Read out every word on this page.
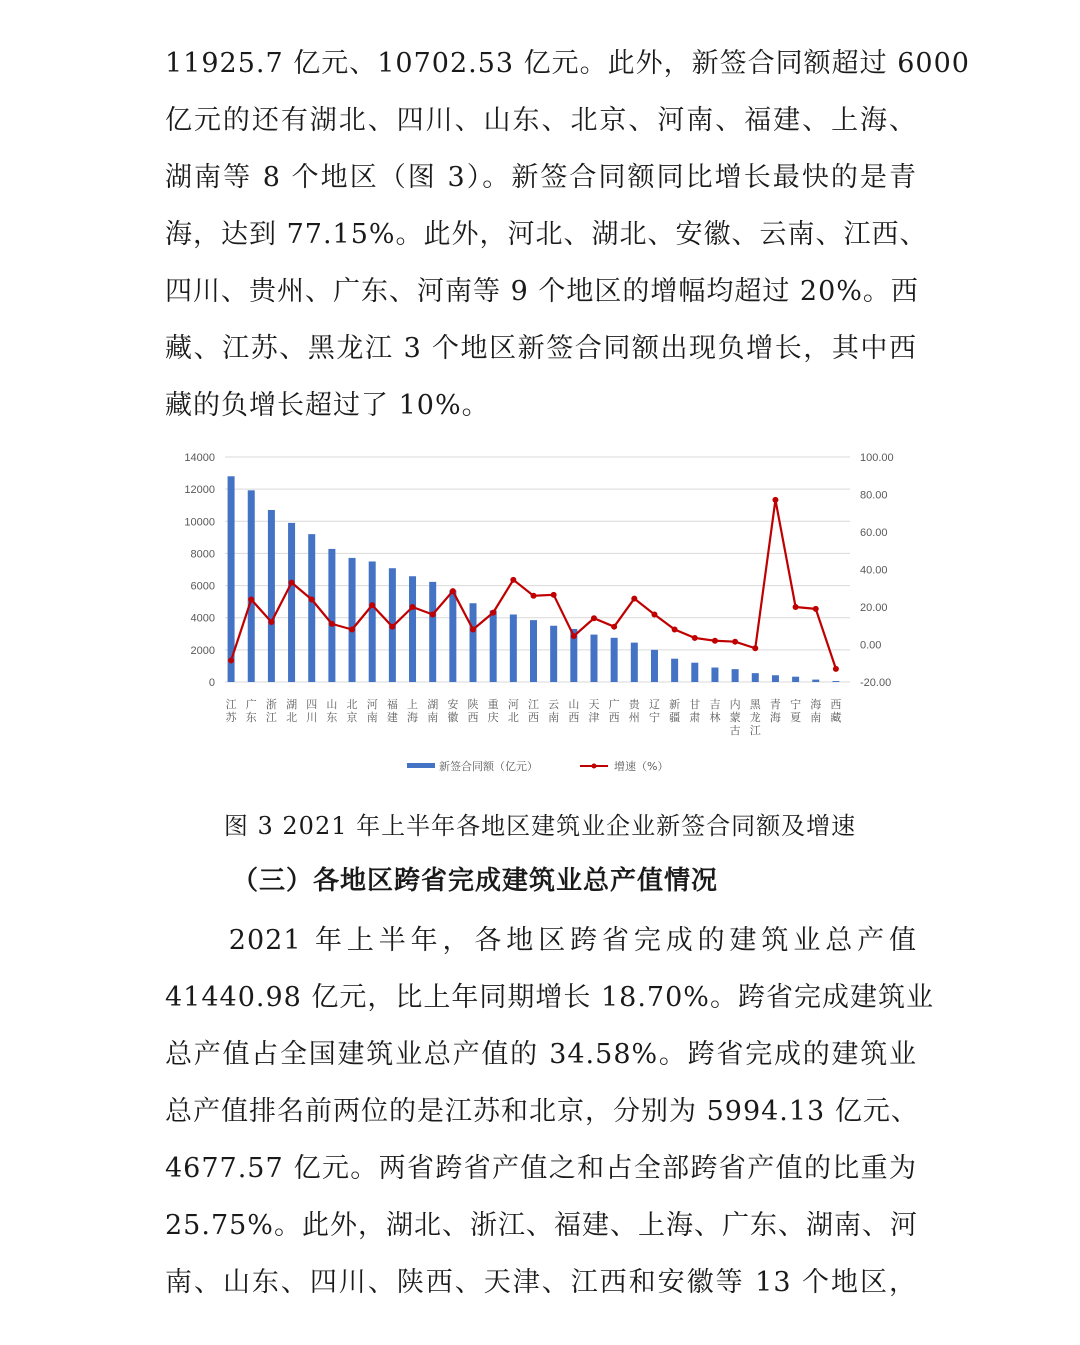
11925.7 亿元、10702.53 亿元。此外，新签合同额超过 6000
亿元的还有湖北、四川、山东、北京、河南、福建、上海、
湖南等 8 个地区（图 3）。新签合同额同比增长最快的是青
海，达到 77.15%。此外，河北、湖北、安徽、云南、江西、
四川、贵州、广东、河南等 9 个地区的增幅均超过 20%。西
藏、江苏、黑龙江 3 个地区新签合同额出现负增长，其中西
藏的负增长超过了 10%。
0
2000
4000
6000
8000
10000
12000
14000
-20.00
0.00
20.00
40.00
60.00
80.00
100.00
江
苏
广
东
浙
江
湖
北
四
川
山
东
北
京
河
南
福
建
上
海
湖
南
安
徽
陕
西
重
庆
河
北
江
西
云
南
山
西
天
津
广
西
贵
州
辽
宁
新
疆
甘
肃
吉
林
内
蒙
古
黑
龙
江
青
海
宁
夏
海
南
西
藏
新签合同额（亿元）	增速（%）
图 3 2021 年上半年各地区建筑业企业新签合同额及增速
（三）各地区跨省完成建筑业总产值情况
　　2021 年上半年，各地区跨省完成的建筑业总产值
41440.98 亿元，比上年同期增长 18.70%。跨省完成建筑业
总产值占全国建筑业总产值的 34.58%。跨省完成的建筑业
总产值排名前两位的是江苏和北京，分别为 5994.13 亿元、
4677.57 亿元。两省跨省产值之和占全部跨省产值的比重为
25.75%。此外，湖北、浙江、福建、上海、广东、湖南、河
南、山东、四川、陕西、天津、江西和安徽等 13 个地区，
